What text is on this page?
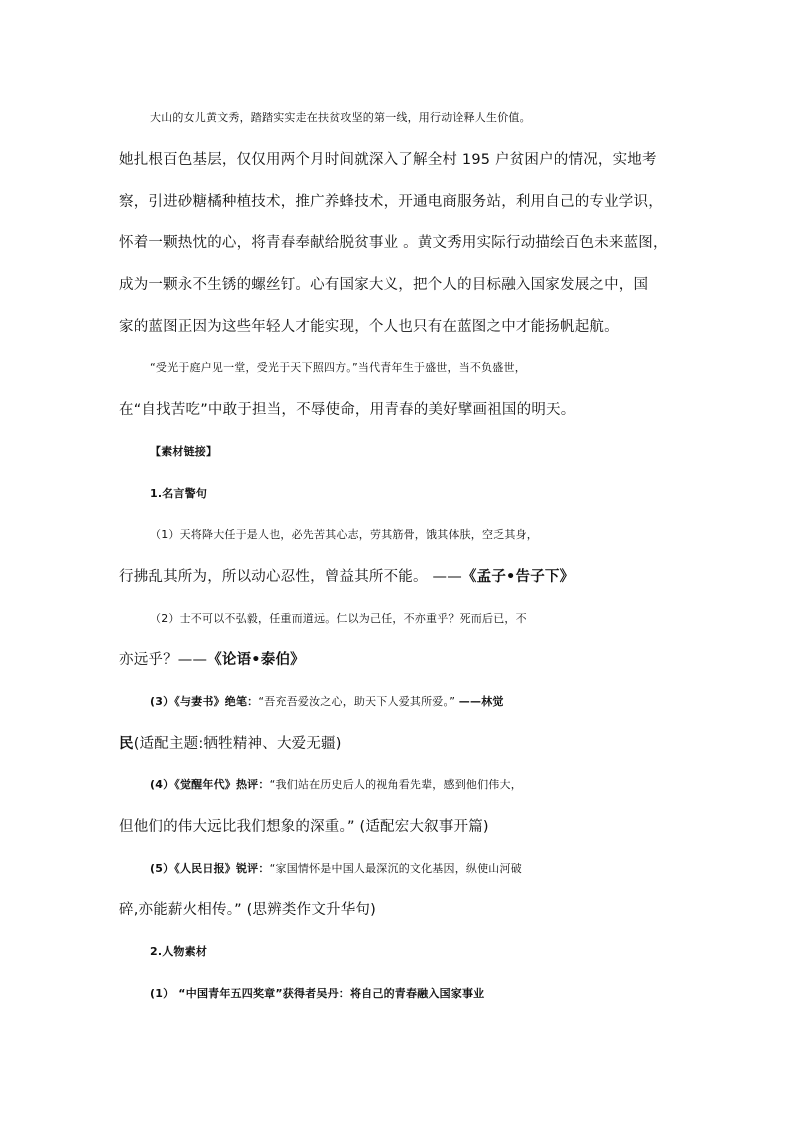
大山的女儿黄文秀，踏踏实实走在扶贫攻坚的第一线，用行动诠释人生价值。
她扎根百色基层，仅仅用两个月时间就深入了解全村 195 户贫困户的情况，实地考
察，引进砂糖橘种植技术，推广养蜂技术，开通电商服务站，利用自己的专业学识，
怀着一颗热忱的心，将青春奉献给脱贫事业 。黄文秀用实际行动描绘百色未来蓝图，
成为一颗永不生锈的螺丝钉。心有国家大义，把个人的目标融入国家发展之中，国
家的蓝图正因为这些年轻人才能实现，个人也只有在蓝图之中才能扬帆起航。
“受光于庭户见一堂，受光于天下照四方。”当代青年生于盛世，当不负盛世，
在“自找苦吃”中敢于担当，不辱使命，用青春的美好擘画祖国的明天。
【素材链接】
1.名言警句
（1）天将降大任于是人也，必先苦其心志，劳其筋骨，饿其体肤，空乏其身，
行拂乱其所为，所以动心忍性，曾益其所不能。 ——《孟子•告子下》
（2）士不可以不弘毅，任重而道远。仁以为己任，不亦重乎？死而后已，不
亦远乎？——《论语•泰伯》
(3）《与妻书》绝笔：“吾充吾爱汝之心，助天下人爱其所爱。” ——林觉
民(适配主题:牺牲精神、大爱无疆)
(4）《觉醒年代》热评：“我们站在历史后人的视角看先辈，感到他们伟大，
但他们的伟大远比我们想象的深重。” (适配宏大叙事开篇)
(5）《人民日报》锐评：“家国情怀是中国人最深沉的文化基因，纵使山河破
碎,亦能薪火相传。” (思辨类作文升华句)
2.人物素材
(1） “中国青年五四奖章”获得者吴丹：将自己的青春融入国家事业
